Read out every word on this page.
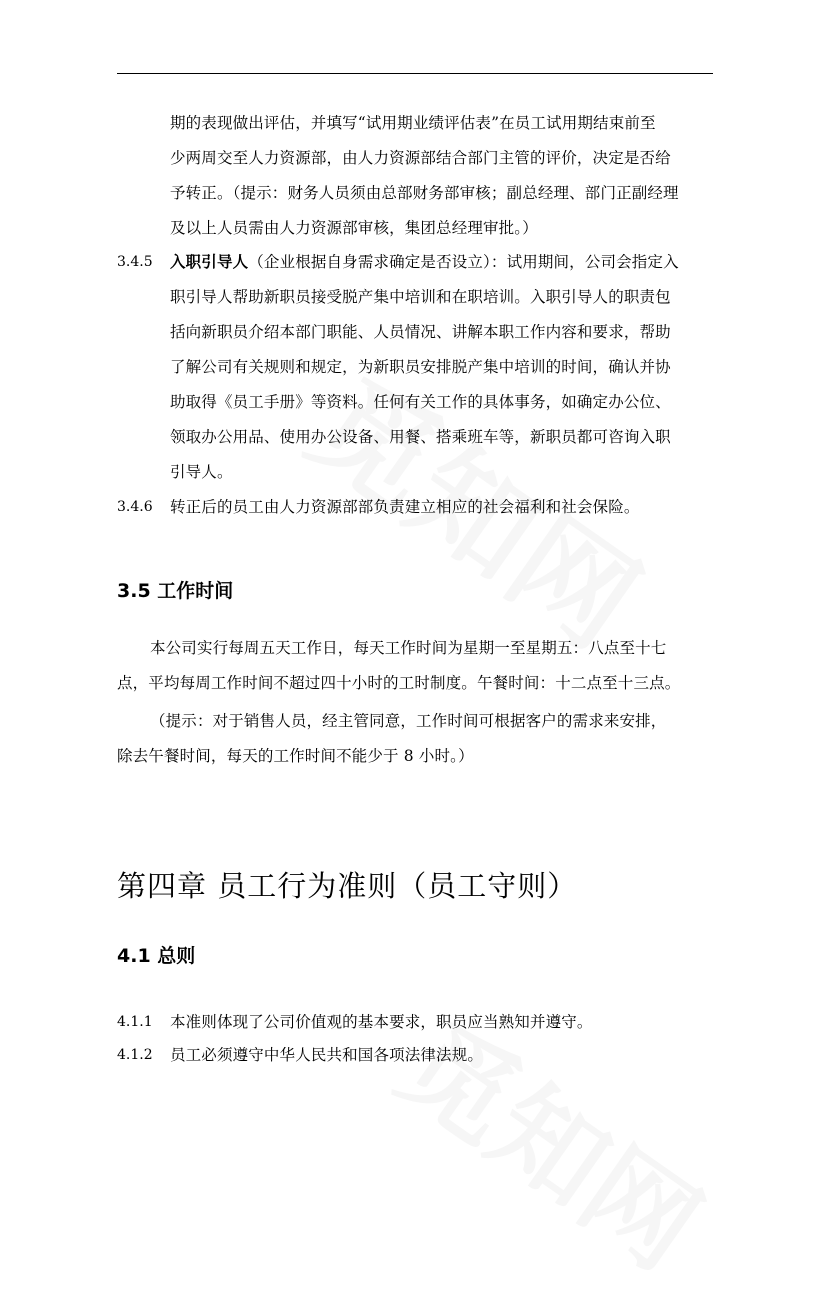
期的表现做出评估，并填写“试用期业绩评估表”在员工试用期结束前至
少两周交至人力资源部，由人力资源部结合部门主管的评价，决定是否给
予转正。（提示：财务人员须由总部财务部审核；副总经理、部门正副经理
及以上人员需由人力资源部审核，集团总经理审批。）
3.4.5 入职引导人（企业根据自身需求确定是否设立）：试用期间，公司会指定入
职引导人帮助新职员接受脱产集中培训和在职培训。入职引导人的职责包
括向新职员介绍本部门职能、人员情况、讲解本职工作内容和要求，帮助
了解公司有关规则和规定，为新职员安排脱产集中培训的时间，确认并协
助取得《员工手册》等资料。任何有关工作的具体事务，如确定办公位、
领取办公用品、使用办公设备、用餐、搭乘班车等，新职员都可咨询入职
引导人。
3.4.6 转正后的员工由人力资源部部负责建立相应的社会福利和社会保险。
3.5 工作时间
本公司实行每周五天工作日，每天工作时间为星期一至星期五：八点至十七
点，平均每周工作时间不超过四十小时的工时制度。午餐时间：十二点至十三点。
（提示：对于销售人员，经主管同意，工作时间可根据客户的需求来安排，
除去午餐时间，每天的工作时间不能少于 8 小时。）
第四章 员工行为准则（员工守则）
4.1 总则
4.1.1 本准则体现了公司价值观的基本要求，职员应当熟知并遵守。
4.1.2 员工必须遵守中华人民共和国各项法律法规。
